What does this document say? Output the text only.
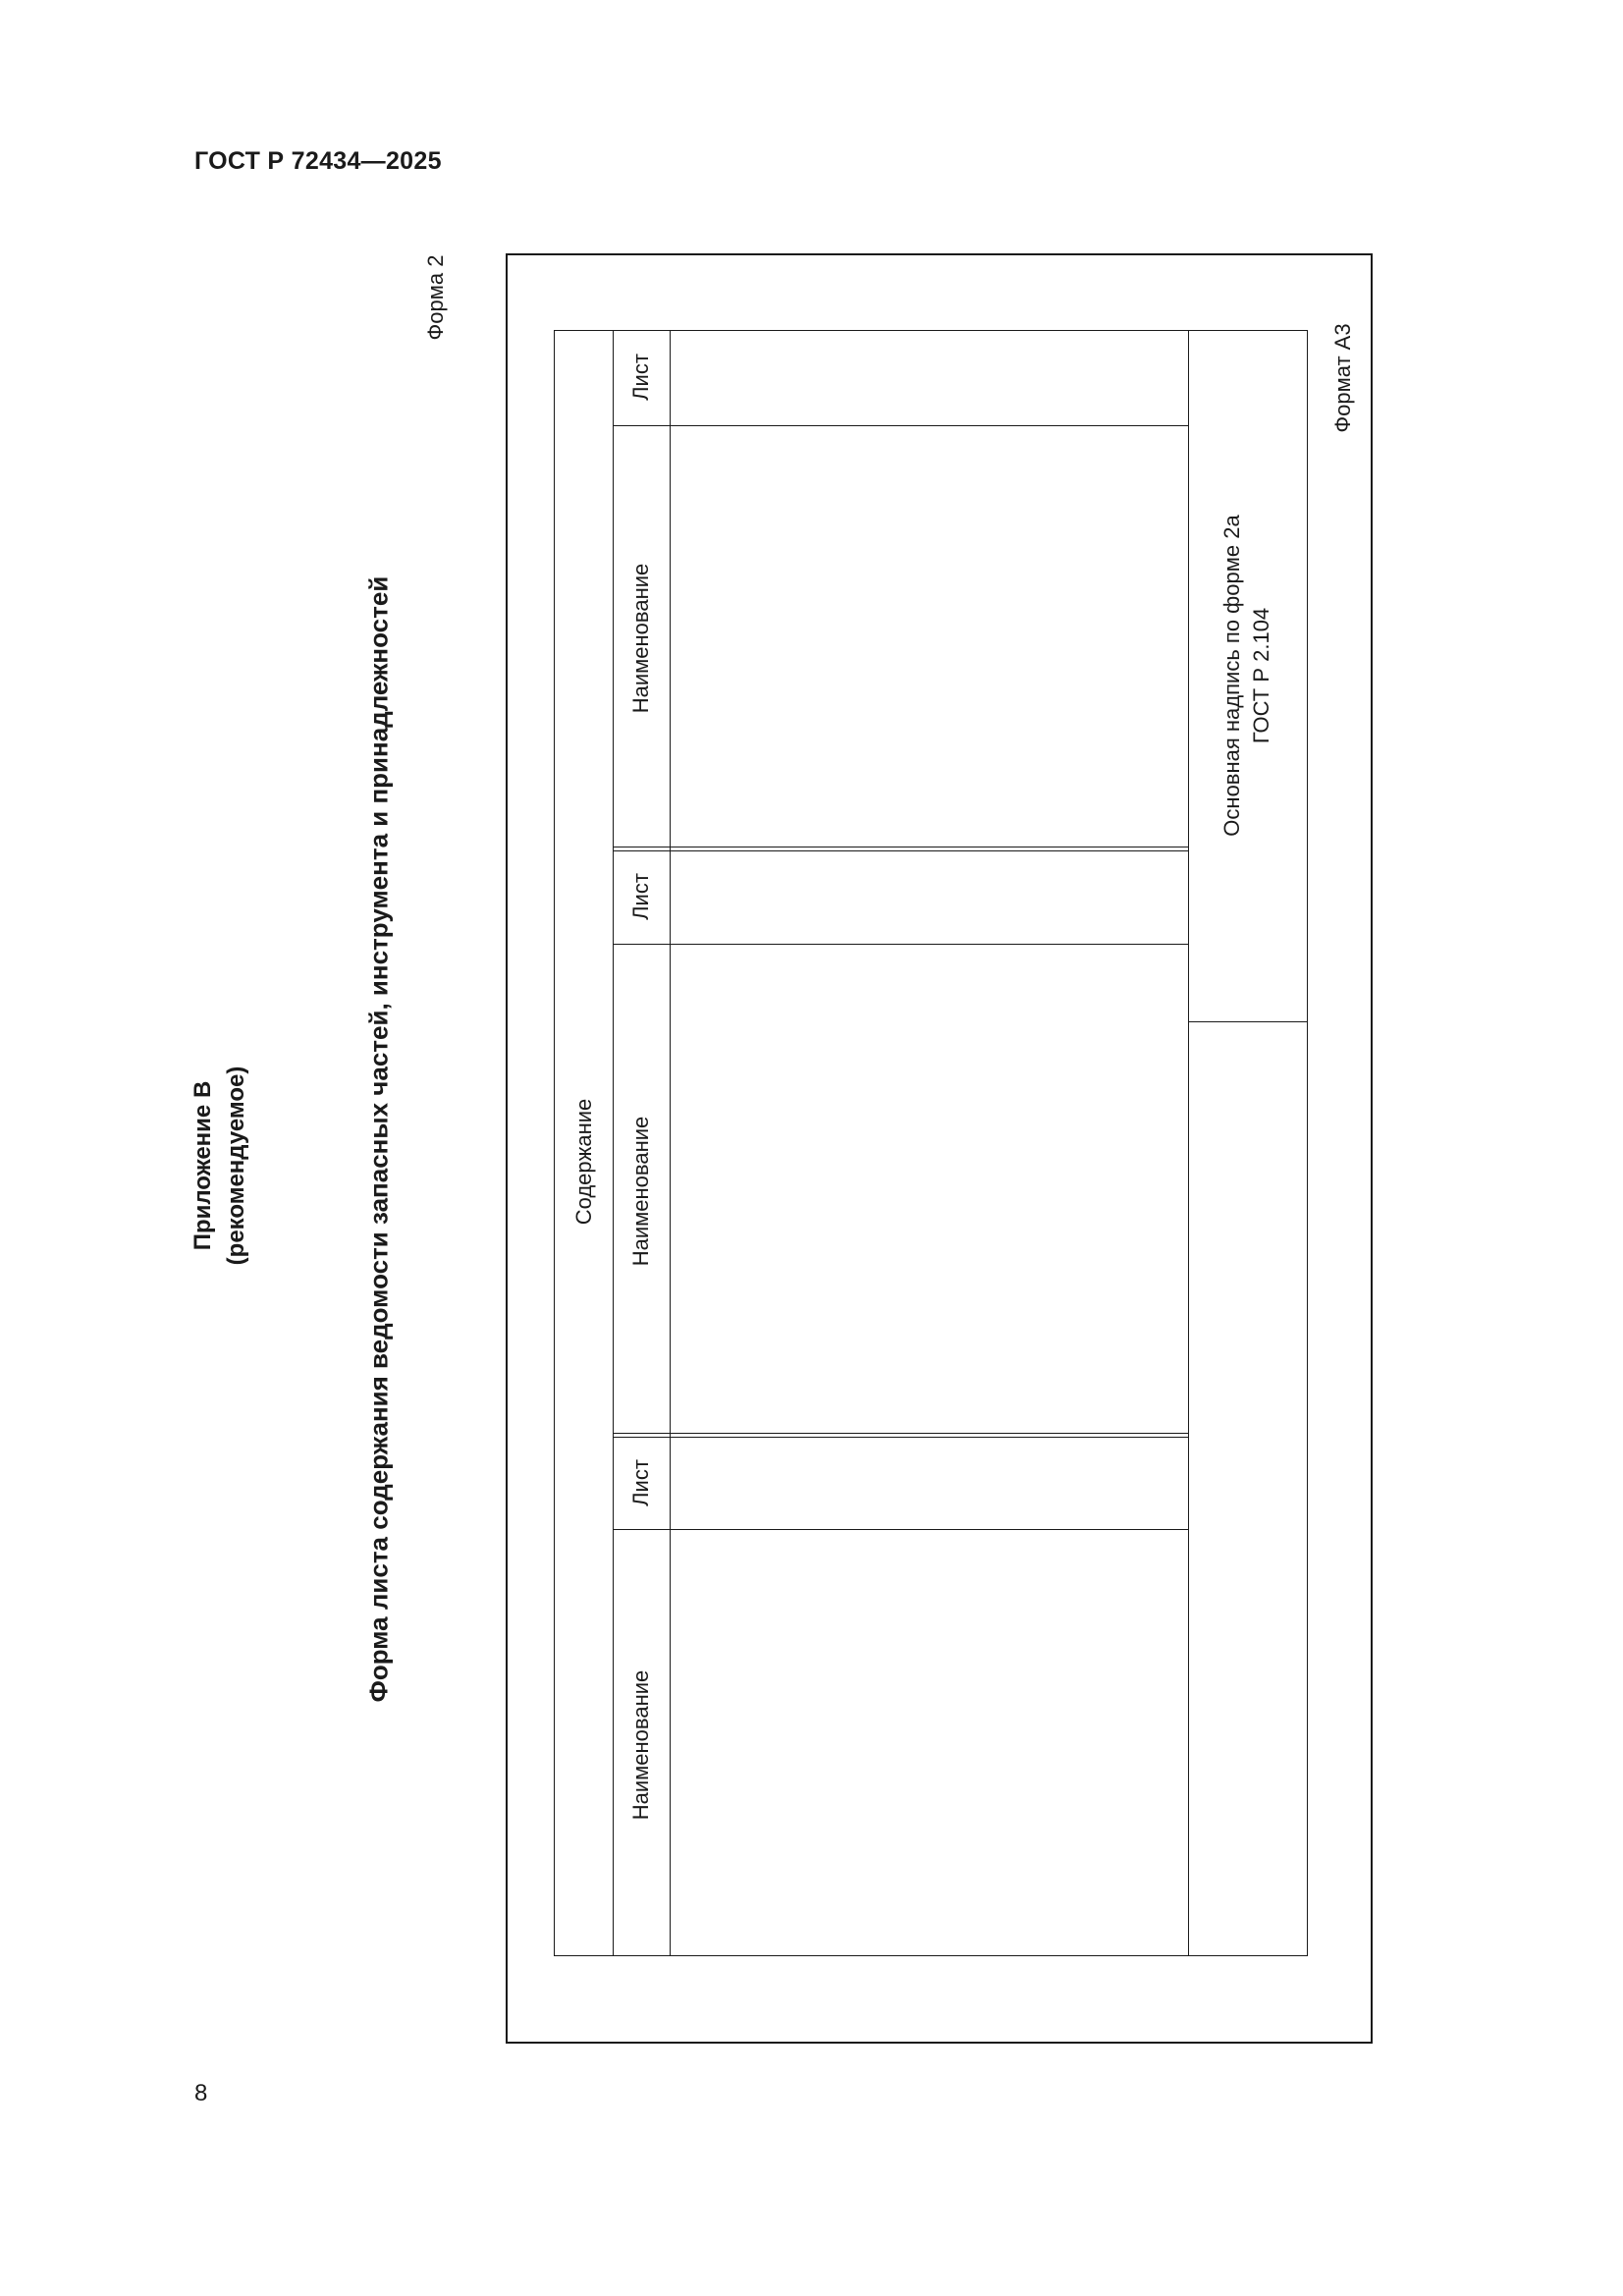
ГОСТ Р 72434—2025
Приложение В (рекомендуемое)	Форма листа содержания ведомости запасных частей, инструмента и принадлежностей
Форма 2
Формат А3
Содержание
Наименование
Лист
Наименование
Лист
Наименование
Лист
Основная надпись по форме 2а ГОСТ Р 2.104
8
